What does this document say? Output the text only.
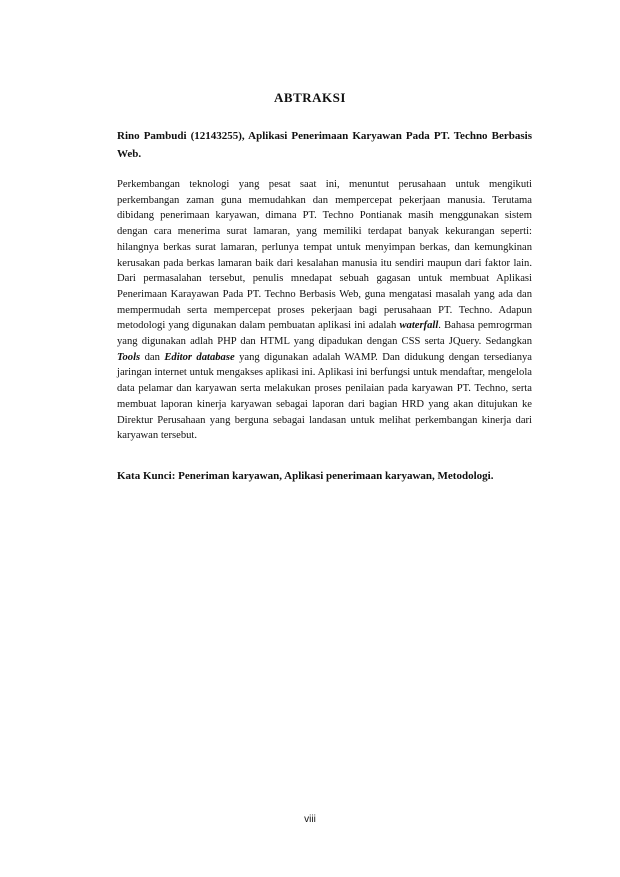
ABTRAKSI
Rino Pambudi (12143255), Aplikasi Penerimaan Karyawan Pada PT. Techno Berbasis Web.

Perkembangan teknologi yang pesat saat ini, menuntut perusahaan untuk mengikuti perkembangan zaman guna memudahkan dan mempercepat pekerjaan manusia. Terutama dibidang penerimaan karyawan, dimana PT. Techno Pontianak masih menggunakan sistem dengan cara menerima surat lamaran, yang memiliki terdapat banyak kekurangan seperti: hilangnya berkas surat lamaran, perlunya tempat untuk menyimpan berkas, dan kemungkinan kerusakan pada berkas lamaran baik dari kesalahan manusia itu sendiri maupun dari faktor lain. Dari permasalahan tersebut, penulis mnedapat sebuah gagasan untuk membuat Aplikasi Penerimaan Karayawan Pada PT. Techno Berbasis Web, guna mengatasi masalah yang ada dan mempermudah serta mempercepat proses pekerjaan bagi perusahaan PT. Techno. Adapun metodologi yang digunakan dalam pembuatan aplikasi ini adalah waterfall. Bahasa pemrogrman yang digunakan adlah PHP dan HTML yang dipadukan dengan CSS serta JQuery. Sedangkan Tools dan Editor database yang digunakan adalah WAMP. Dan didukung dengan tersedianya jaringan internet untuk mengakses aplikasi ini. Aplikasi ini berfungsi untuk mendaftar, mengelola data pelamar dan karyawan serta melakukan proses penilaian pada karyawan PT. Techno, serta membuat laporan kinerja karyawan sebagai laporan dari bagian HRD yang akan ditujukan ke Direktur Perusahaan yang berguna sebagai landasan untuk melihat perkembangan kinerja dari karyawan tersebut.

Kata Kunci: Peneriman karyawan, Aplikasi penerimaan karyawan, Metodologi.
viii
